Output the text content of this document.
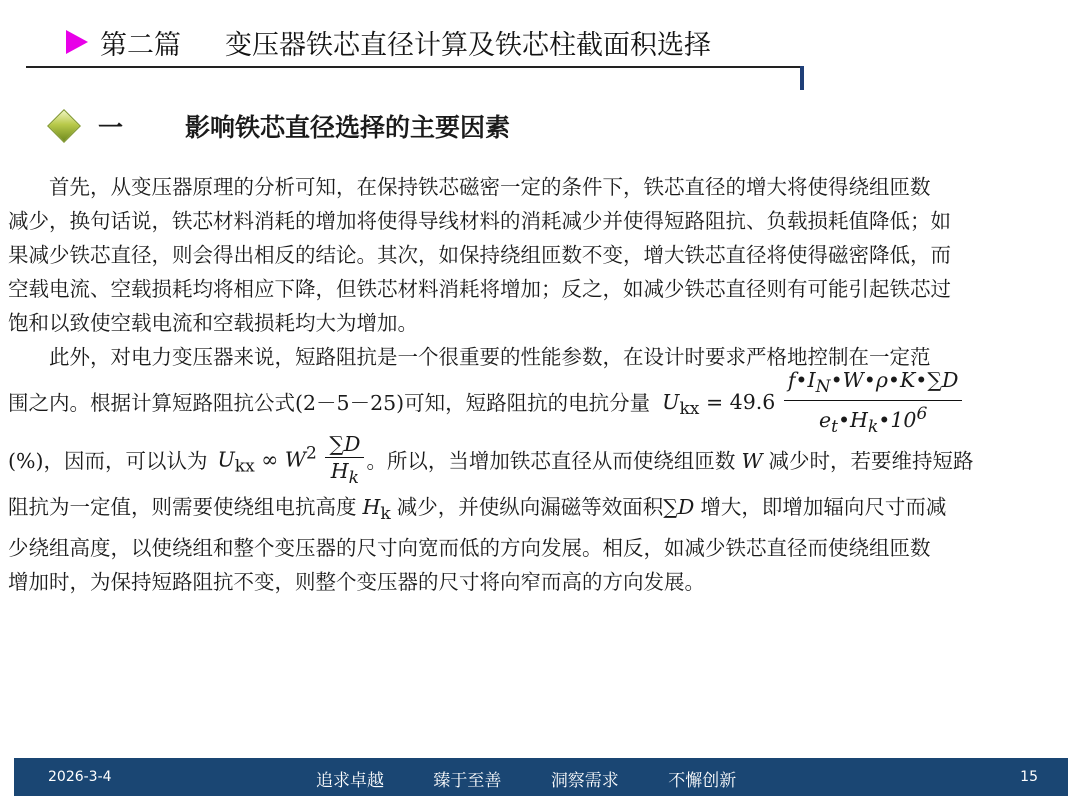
第二篇 变压器铁芯直径计算及铁芯柱截面积选择
一 影响铁芯直径选择的主要因素

首先，从变压器原理的分析可知，在保持铁芯磁密一定的条件下，铁芯直径的增大将使得绕组匝数
减少，换句话说，铁芯材料消耗的增加将使得导线材料的消耗减少并使得短路阻抗、负载损耗值降低；如
果减少铁芯直径，则会得出相反的结论。其次，如保持绕组匝数不变，增大铁芯直径将使得磁密降低，而
空载电流、空载损耗均将相应下降，但铁芯材料消耗将增加；反之，如减少铁芯直径则有可能引起铁芯过
饱和以致使空载电流和空载损耗均大为增加。

此外，对电力变压器来说，短路阻抗是一个很重要的性能参数，在设计时要求严格地控制在一定范
围之内。根据计算短路阻抗公式(2－5－25)可知，短路阻抗的电抗分量 $U_{kx} = 49.6 \frac{f•I_N•W•\rho•K•\sum D}{e_t•H_k•10^6}$
(%)，因而，可以认为 $U_{kx}$ ∞ $W^2 \frac{\sum D}{H_k}$ 。所以，当增加铁芯直径从而使绕组匝数 W 减少时，若要维持短路
阻抗为一定值，则需要使绕组电抗高度 $H_k$ 减少，并使纵向漏磁等效面积∑D 增大，即增加辐向尺寸而减
少绕组高度，以使绕组和整个变压器的尺寸向宽而低的方向发展。相反，如减少铁芯直径而使绕组匝数
增加时，为保持短路阻抗不变，则整个变压器的尺寸将向窄而高的方向发展。

2026-3-4	追求卓越	臻于至善	洞察需求	不懈创新	15
